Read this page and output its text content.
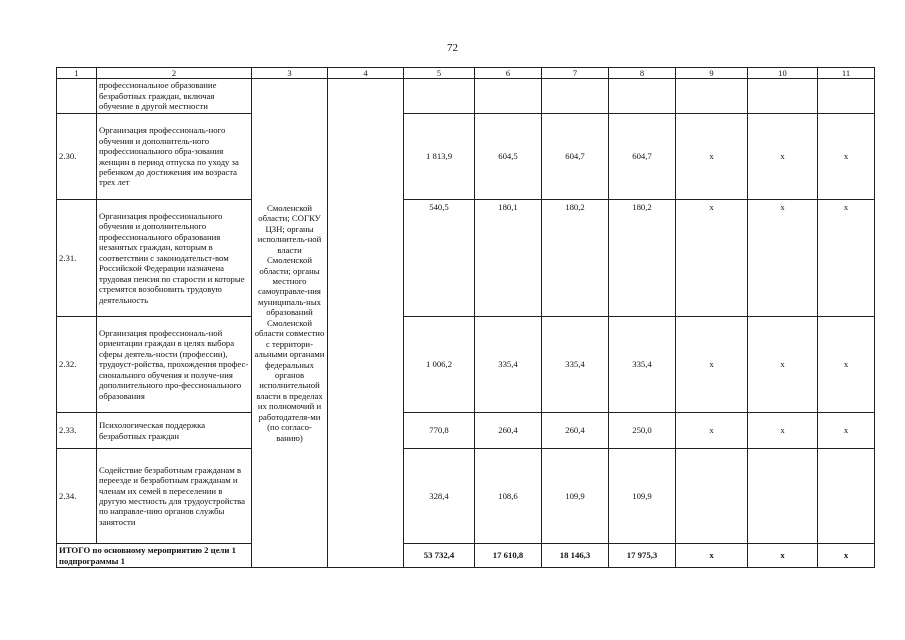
72
1	2	3	4	5	6	7	8	9	10	11
	профессиональное образование безработных граждан, включая обучение в другой местности	Смоленской области; СОГКУ ЦЗН; органы исполнитель-ной власти Смоленской области; органы местного самоуправле-ния муниципаль-ных образований Смоленской области совместно с территори-альными органами федеральных органов исполнительной власти в пределах их полномочий и работодателя-ми (по согласо-ванию)								
2.30.	Организация профессиональ-ного обучения и дополнитель-ного профессионального обра-зования женщин в период отпуска по уходу за ребенком до достижения им возраста трех лет			1 813,9	604,5	604,7	604,7	x	x	x
2.31.	Организация профессионального обучения и дополнительного профессионального образования незанятых граждан, которым в соответствии с законодательст-вом Российской Федерации назначена трудовая пенсия по старости и которые стремятся возобновить трудовую деятельность			540,5	180,1	180,2	180,2	x	x	x
2.32.	Организация профессиональ-ной ориентации граждан в целях выбора сферы деятель-ности (профессии), трудоуст-ройства, прохождения профес-сионального обучения и получе-ния дополнительного про-фессионального образования			1 006,2	335,4	335,4	335,4	x	x	x
2.33.	Психологическая поддержка безработных граждан			770,8	260,4	260,4	250,0	x	x	x
2.34.	Содействие безработным гражданам в переезде и безработным гражданам и членам их семей в переселении в другую местность для трудоустройства по направле-нию органов службы занятости			328,4	108,6	109,9	109,9			
ИТОГО по основному мероприятию 2 цели 1 подпрограммы 1				53 732,4	17 610,8	18 146,3	17 975,3	x	x	x
